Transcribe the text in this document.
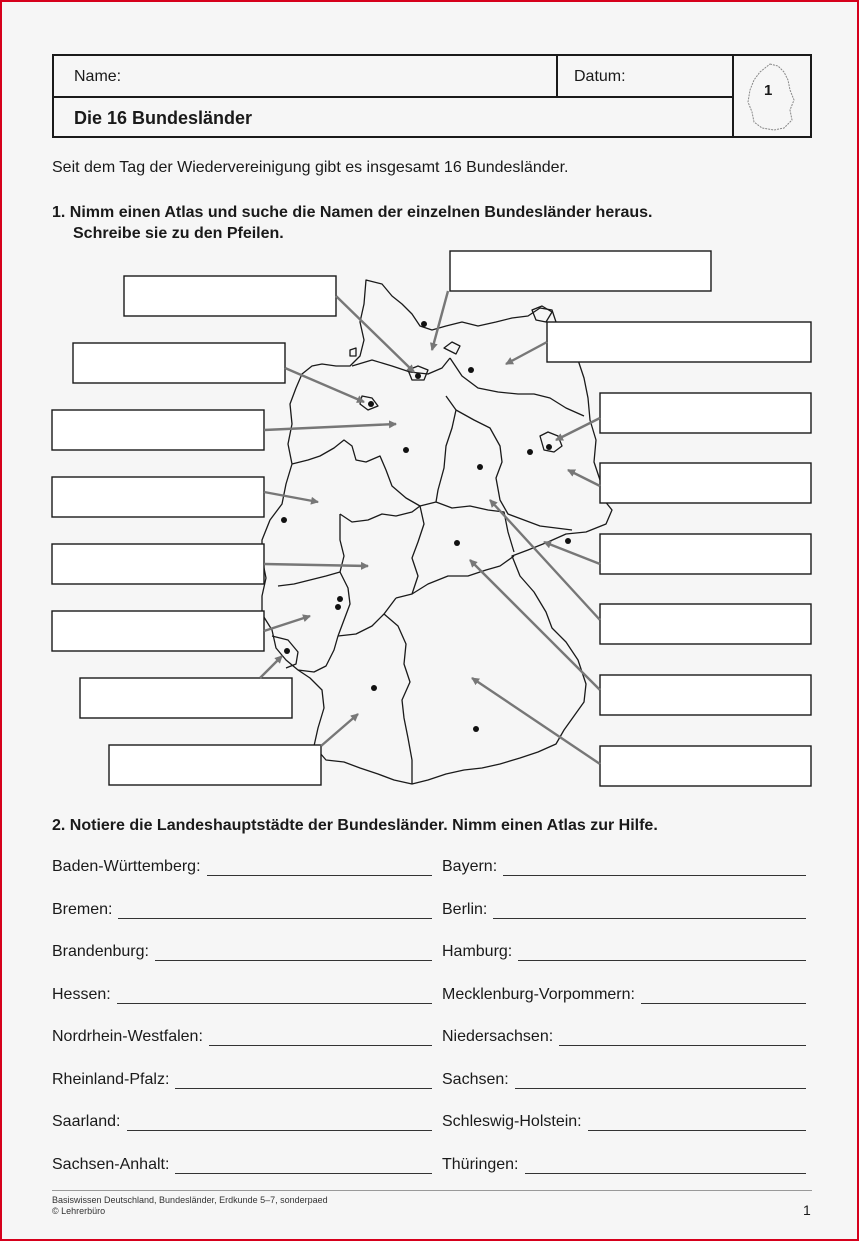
Name:	Datum:
Die 16 Bundesländer
1
Seit dem Tag der Wiedervereinigung gibt es insgesamt 16 Bundesländer.
1. Nimm einen Atlas und suche die Namen der einzelnen Bundesländer heraus.
Schreibe sie zu den Pfeilen.
2. Notiere die Landeshauptstädte der Bundesländer. Nimm einen Atlas zur Hilfe.
Baden-Württemberg:
Bremen:
Brandenburg:
Hessen:
Nordrhein-Westfalen:
Rheinland-Pfalz:
Saarland:
Sachsen-Anhalt:
Bayern:
Berlin:
Hamburg:
Mecklenburg-Vorpommern:
Niedersachsen:
Sachsen:
Schleswig-Holstein:
Thüringen:
Basiswissen Deutschland, Bundesländer, Erdkunde 5–7, sonderpaed
© Lehrerbüro	1
